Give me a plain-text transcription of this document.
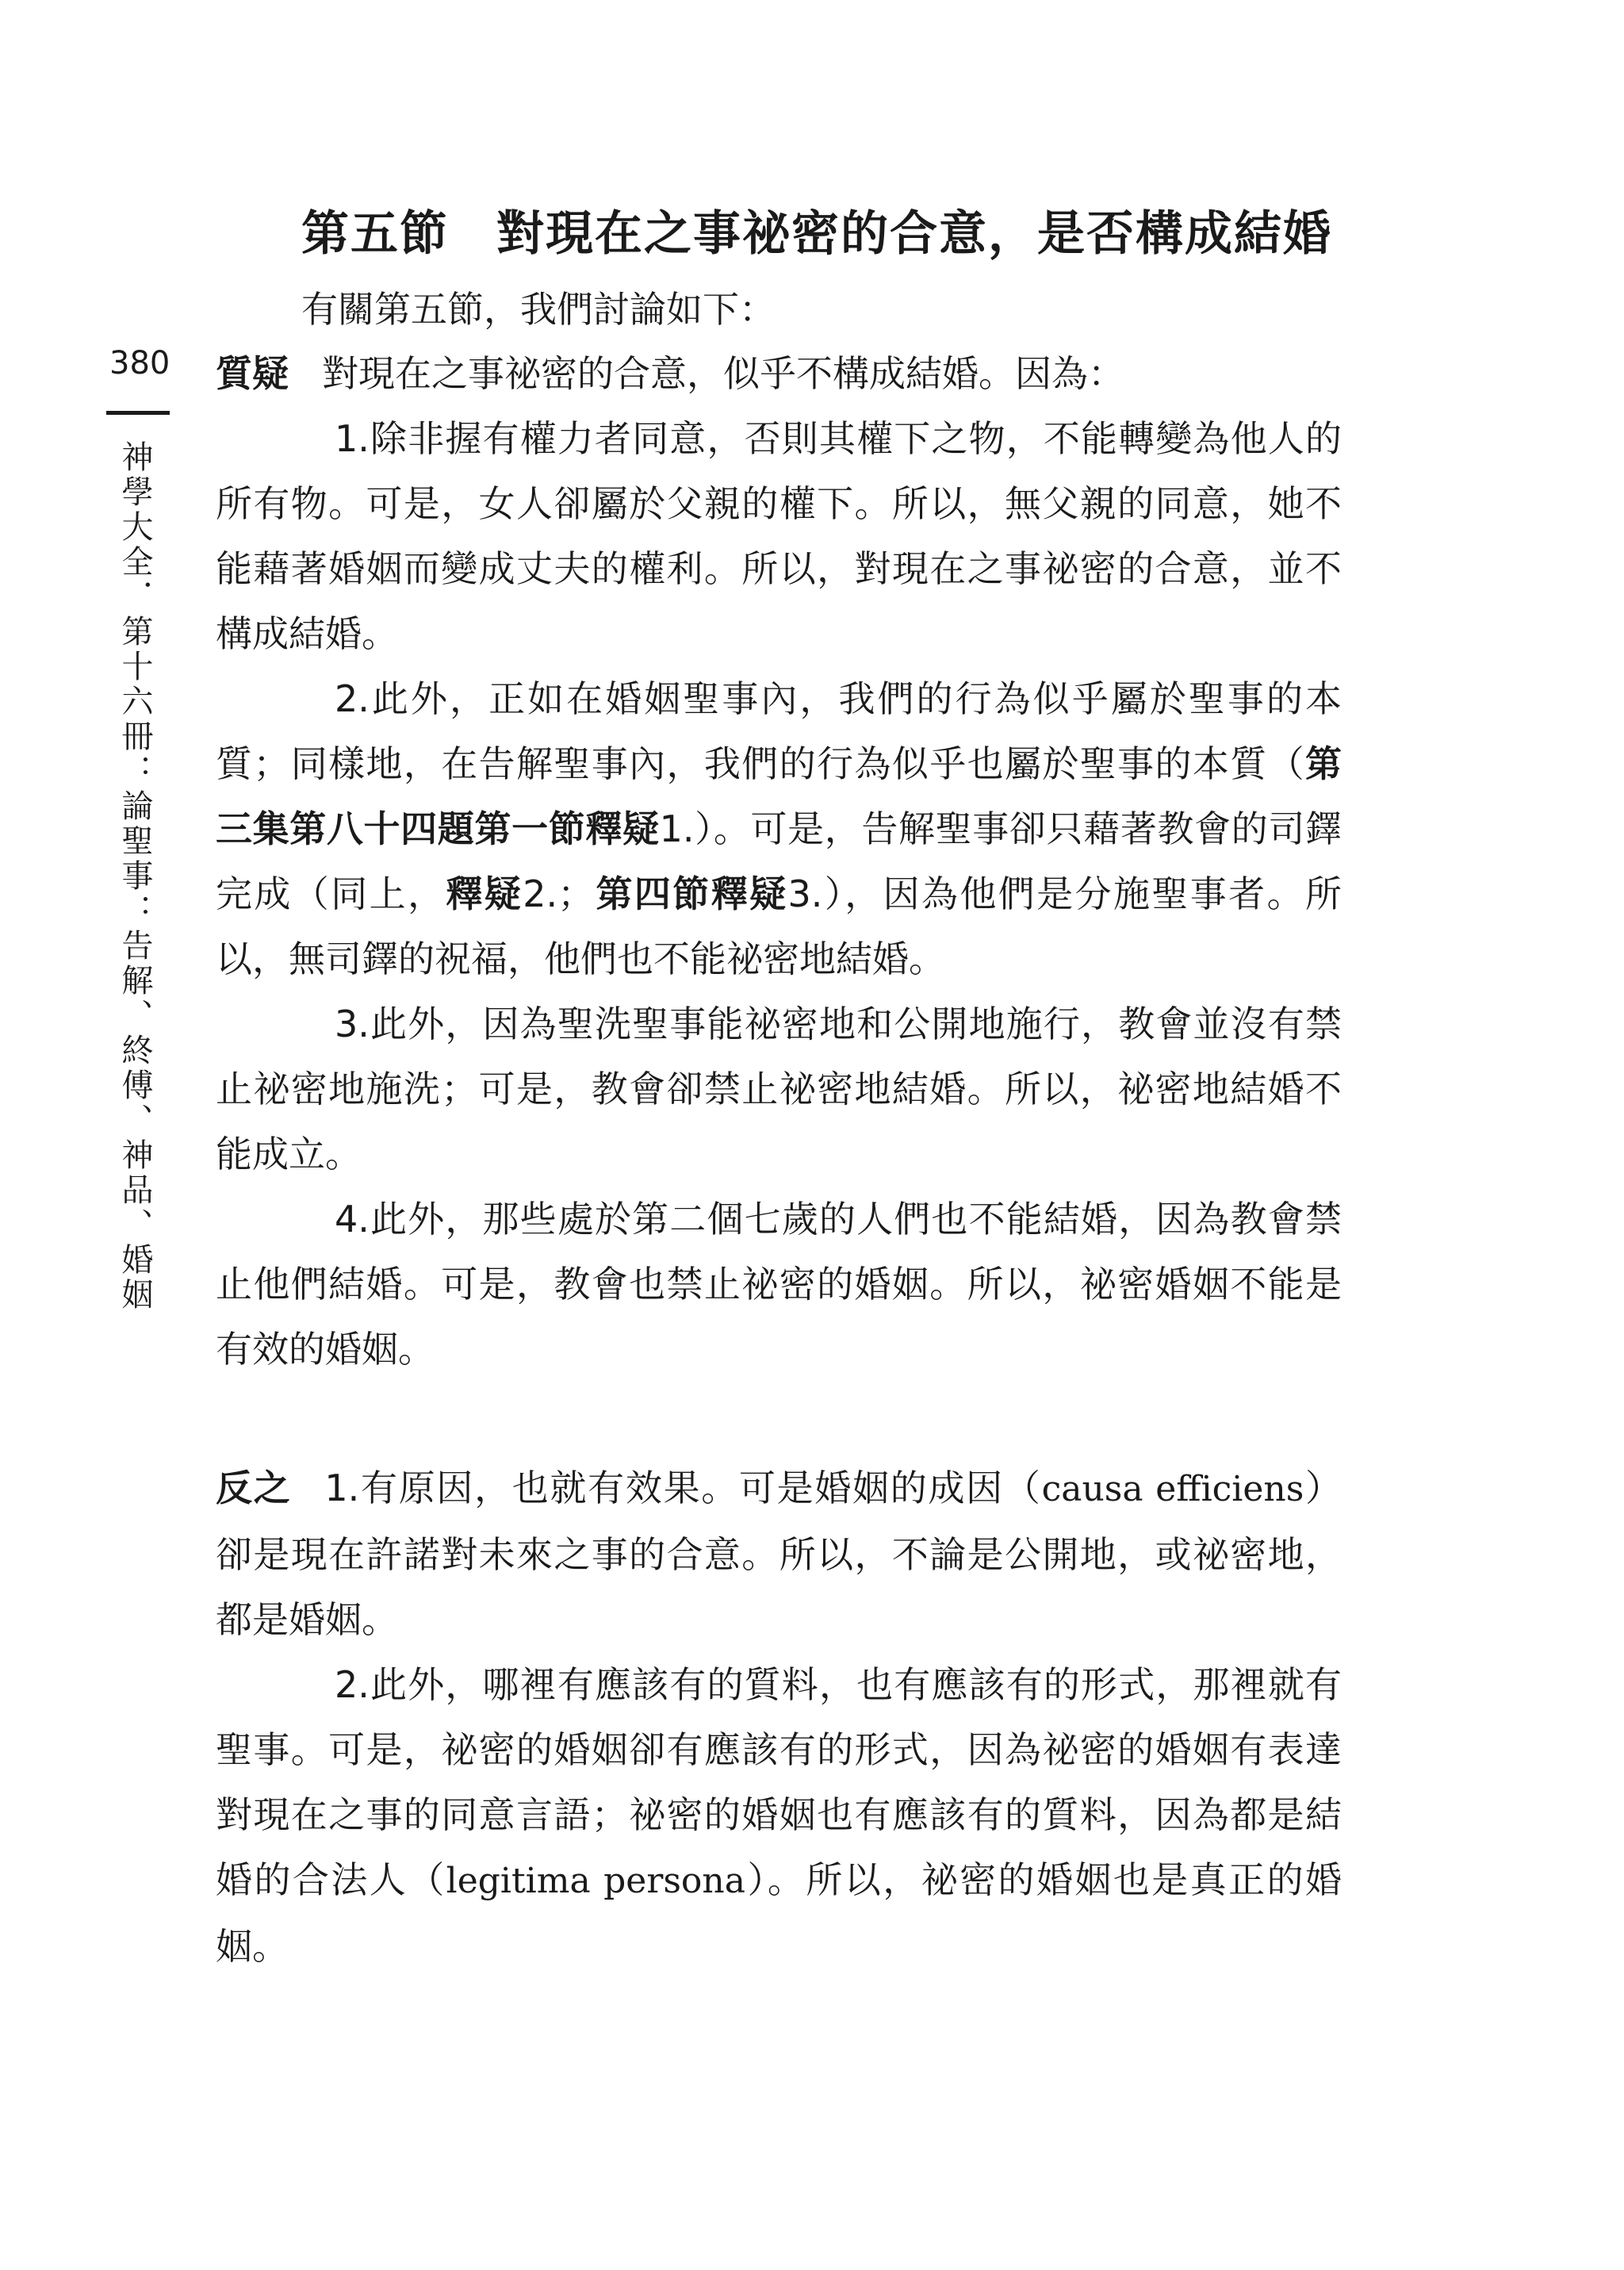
第五節 對現在之事祕密的合意，是否構成結婚
有關第五節，我們討論如下：
380
神學大全．第十六冊：論聖事：告解、終傅、神品、婚姻

質疑 對現在之事祕密的合意，似乎不構成結婚。因為：

1.除非握有權力者同意，否則其權下之物，不能轉變為他人的所有物。可是，女人卻屬於父親的權下。所以，無父親的同意，她不能藉著婚姻而變成丈夫的權利。所以，對現在之事祕密的合意，並不構成結婚。

2.此外，正如在婚姻聖事內，我們的行為似乎屬於聖事的本質；同樣地，在告解聖事內，我們的行為似乎也屬於聖事的本質（第三集第八十四題第一節釋疑1.）。可是，告解聖事卻只藉著教會的司鐸完成（同上，釋疑2.；第四節釋疑3.），因為他們是分施聖事者。所以，無司鐸的祝福，他們也不能祕密地結婚。

3.此外，因為聖洗聖事能祕密地和公開地施行，教會並沒有禁止祕密地施洗；可是，教會卻禁止祕密地結婚。所以，祕密地結婚不能成立。

4.此外，那些處於第二個七歲的人們也不能結婚，因為教會禁止他們結婚。可是，教會也禁止祕密的婚姻。所以，祕密婚姻不能是有效的婚姻。

反之 1.有原因，也就有效果。可是婚姻的成因（causa efficiens）卻是現在許諾對未來之事的合意。所以，不論是公開地，或祕密地，都是婚姻。

2.此外，哪裡有應該有的質料，也有應該有的形式，那裡就有聖事。可是，祕密的婚姻卻有應該有的形式，因為祕密的婚姻有表達對現在之事的同意言語；祕密的婚姻也有應該有的質料，因為都是結婚的合法人（legitima persona）。所以，祕密的婚姻也是真正的婚姻。
